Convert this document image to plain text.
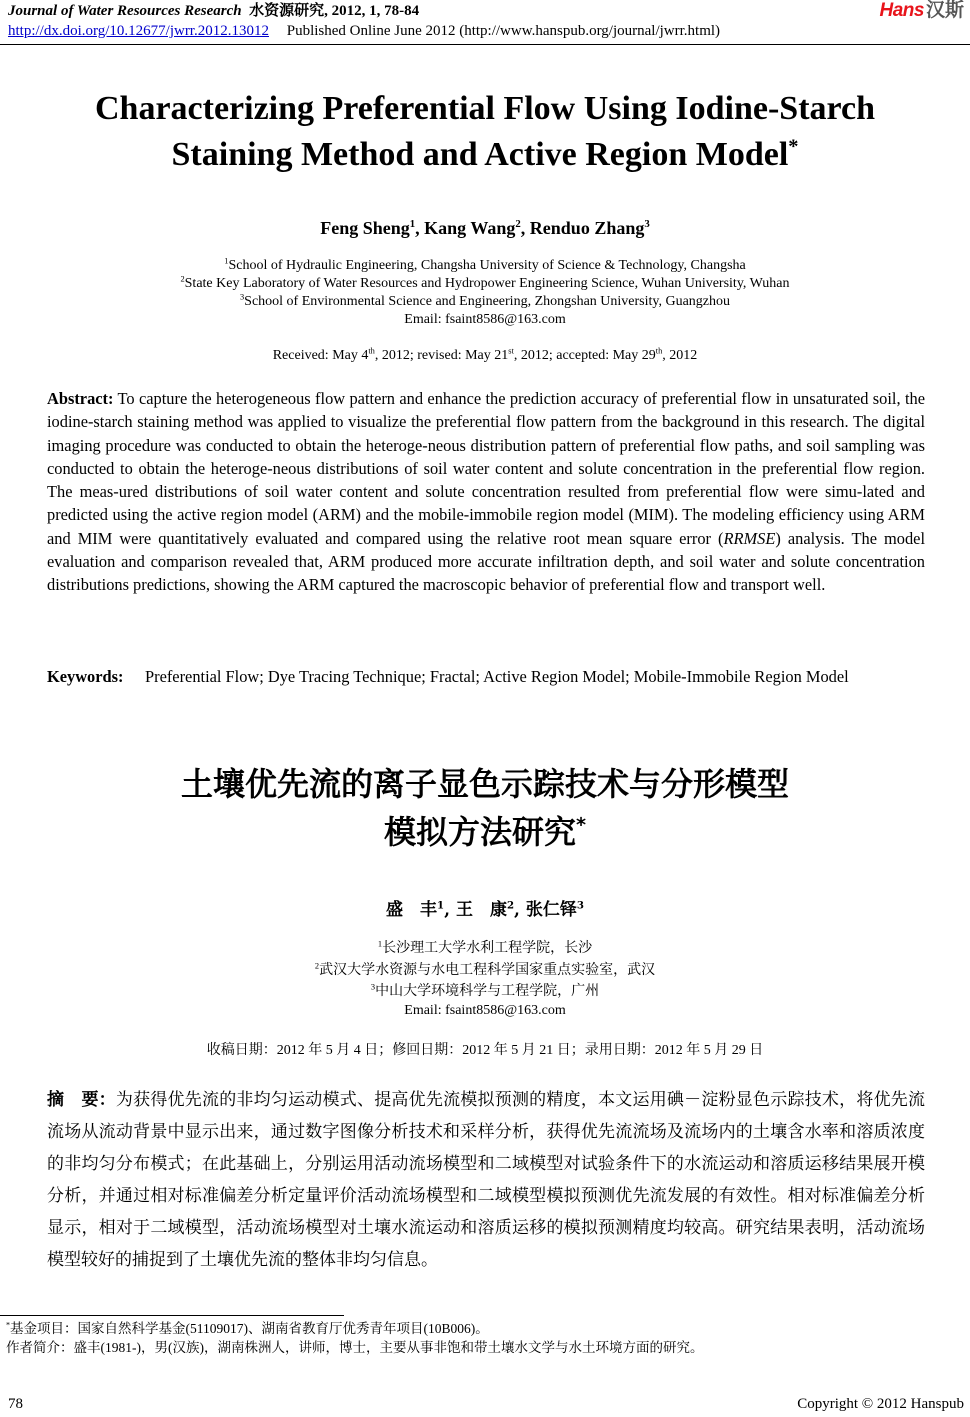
Journal of Water Resources Research 水资源研究, 2012, 1, 78-84
http://dx.doi.org/10.12677/jwrr.2012.13012 Published Online June 2012 (http://www.hanspub.org/journal/jwrr.html)
Hans 汉斯
Characterizing Preferential Flow Using Iodine-Starch
Staining Method and Active Region Model*
Feng Sheng$^1$, Kang Wang$^2$, Renduo Zhang$^3$
$^1$School of Hydraulic Engineering, Changsha University of Science & Technology, Changsha
$^2$State Key Laboratory of Water Resources and Hydropower Engineering Science, Wuhan University, Wuhan
$^3$School of Environmental Science and Engineering, Zhongshan University, Guangzhou
Email: fsaint8586@163.com
Received: May 4th, 2012; revised: May 21st, 2012; accepted: May 29th, 2012
Abstract: To capture the heterogeneous flow pattern and enhance the prediction accuracy of preferential flow in unsaturated soil, the iodine-starch staining method was applied to visualize the preferential flow pattern from the background in this research. The digital imaging procedure was conducted to obtain the heteroge-neous distribution pattern of preferential flow paths, and soil sampling was conducted to obtain the heteroge-neous distributions of soil water content and solute concentration in the preferential flow region. The meas-ured distributions of soil water content and solute concentration resulted from preferential flow were simu-lated and predicted using the active region model (ARM) and the mobile-immobile region model (MIM). The modeling efficiency using ARM and MIM were quantitatively evaluated and compared using the relative root mean square error (RRMSE) analysis. The model evaluation and comparison revealed that, ARM produced more accurate infiltration depth, and soil water and solute concentration distributions predictions, showing the ARM captured the macroscopic behavior of preferential flow and transport well.
Keywords: Preferential Flow; Dye Tracing Technique; Fractal; Active Region Model; Mobile-Immobile Region Model
土壤优先流的离子显色示踪技术与分形模型
模拟方法研究*
盛　丰$^1$, 王　康$^2$, 张仁铎$^3$
$^1$长沙理工大学水利工程学院，长沙
$^2$武汉大学水资源与水电工程科学国家重点实验室，武汉
$^3$中山大学环境科学与工程学院，广州
Email: fsaint8586@163.com
收稿日期：2012 年 5 月 4 日；修回日期：2012 年 5 月 21 日；录用日期：2012 年 5 月 29 日
摘　要：为获得优先流的非均匀运动模式、提高优先流模拟预测的精度，本文运用碘－淀粉显色示踪技术，将优先流流场从流动背景中显示出来，通过数字图像分析技术和采样分析，获得优先流流场及流场内的土壤含水率和溶质浓度的非均匀分布模式；在此基础上，分别运用活动流场模型和二域模型对试验条件下的水流运动和溶质运移结果展开模分析，并通过相对标准偏差分析定量评价活动流场模型和二域模型模拟预测优先流发展的有效性。相对标准偏差分析显示，相对于二域模型，活动流场模型对土壤水流运动和溶质运移的模拟预测精度均较高。研究结果表明，活动流场模型较好的捕捉到了土壤优先流的整体非均匀信息。
*基金项目：国家自然科学基金(51109017)、湖南省教育厅优秀青年项目(10B006)。
作者简介：盛丰(1981-)，男(汉族)，湖南株洲人，讲师，博士，主要从事非饱和带土壤水文学与水土环境方面的研究。
78	Copyright © 2012 Hanspub
